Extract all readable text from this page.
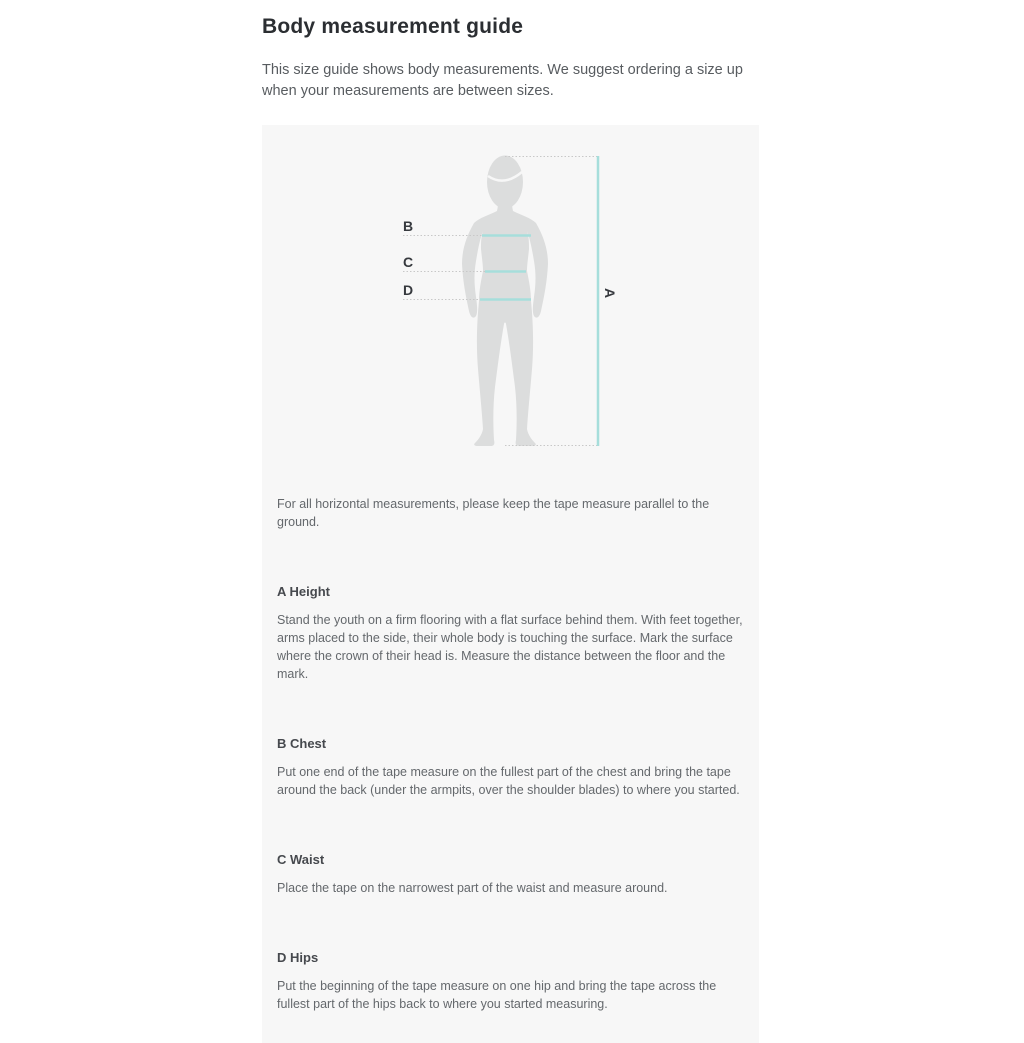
Body measurement guide

This size guide shows body measurements. We suggest ordering a size up when your measurements are between sizes.

A
B
C
D

For all horizontal measurements, please keep the tape measure parallel to the ground.

A Height

Stand the youth on a firm flooring with a flat surface behind them. With feet together, arms placed to the side, their whole body is touching the surface. Mark the surface where the crown of their head is. Measure the distance between the floor and the mark.

B Chest

Put one end of the tape measure on the fullest part of the chest and bring the tape around the back (under the armpits, over the shoulder blades) to where you started.

C Waist

Place the tape on the narrowest part of the waist and measure around.

D Hips

Put the beginning of the tape measure on one hip and bring the tape across the fullest part of the hips back to where you started measuring.
